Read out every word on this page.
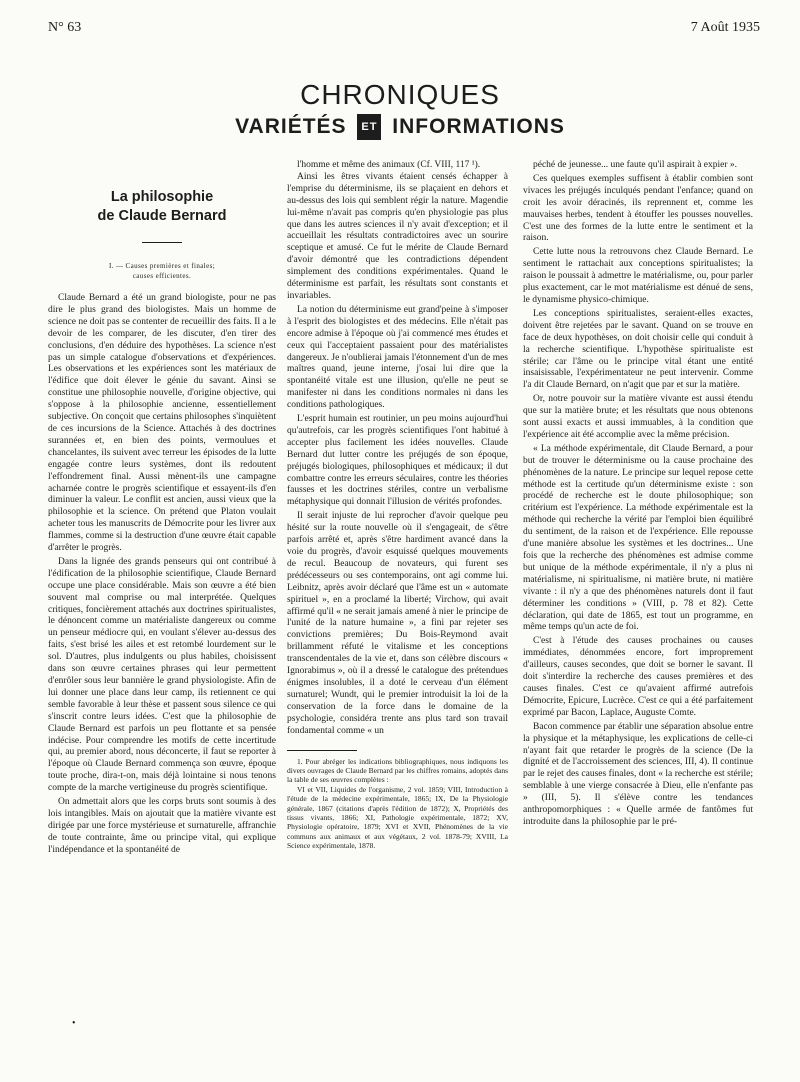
N° 63	7 Août 1935
CHRONIQUES
VARIÉTÉS ET INFORMATIONS
La philosophie
de Claude Bernard
I. — Causes premières et finales;
causes efficientes.

Claude Bernard a été un grand biologiste, pour ne pas dire le plus grand des biologistes. Mais un homme de science ne doit pas se contenter de recueillir des faits. Il a le devoir de les comparer, de les discuter, d'en tirer des conclusions, d'en déduire des hypothèses. La science n'est pas un simple catalogue d'observations et d'expériences. Les observations et les expériences sont les matériaux de l'édifice que doit élever le génie du savant. Ainsi se constitue une philosophie nouvelle, d'origine objective, qui s'oppose à la philosophie ancienne, essentiellement subjective. On conçoit que certains philosophes s'inquiètent de ces incursions de la Science. Attachés à des doctrines surannées et, en bien des points, vermoulues et chancelantes, ils suivent avec terreur les épisodes de la lutte engagée contre leurs systèmes, dont ils redoutent l'effondrement final. Aussi mènent-ils une campagne acharnée contre le progrès scientifique et essayent-ils d'en diminuer la valeur. Le conflit est ancien, aussi vieux que la philosophie et la science. On prétend que Platon voulait acheter tous les manuscrits de Démocrite pour les livrer aux flammes, comme si la destruction d'une œuvre était capable d'arrêter le progrès.

Dans la lignée des grands penseurs qui ont contribué à l'édification de la philosophie scientifique, Claude Bernard occupe une place considérable. Mais son œuvre a été bien souvent mal comprise ou mal interprétée. Quelques critiques, foncièrement attachés aux doctrines spiritualistes, le dénoncent comme un matérialiste dangereux ou comme un penseur médiocre qui, en voulant s'élever au-dessus des faits, s'est brisé les ailes et est retombé lourdement sur le sol. D'autres, plus indulgents ou plus habiles, choisissent dans son œuvre certaines phrases qui leur permettent d'enrôler sous leur bannière le grand physiologiste. Afin de lui donner une place dans leur camp, ils retiennent ce qui semble favorable à leur thèse et passent sous silence ce qui s'inscrit contre leurs idées. C'est que la philosophie de Claude Bernard est parfois un peu flottante et sa pensée indécise. Pour comprendre les motifs de cette incertitude qui, au premier abord, nous déconcerte, il faut se reporter à l'époque où Claude Bernard commença son œuvre, époque toute proche, dira-t-on, mais déjà lointaine si nous tenons compte de la marche vertigineuse du progrès scientifique.

On admettait alors que les corps bruts sont soumis à des lois intangibles. Mais on ajoutait que la matière vivante est dirigée par une force mystérieuse et surnaturelle, affranchie de toute contrainte, âme ou principe vital, qui explique l'indépendance et la spontanéité de

l'homme et même des animaux (Cf. VIII, 117 ¹).

Ainsi les êtres vivants étaient censés échapper à l'emprise du déterminisme, ils se plaçaient en dehors et au-dessus des lois qui semblent régir la nature. Magendie lui-même n'avait pas compris qu'en physiologie pas plus que dans les autres sciences il n'y avait d'exception; et il accueillait les résultats contradictoires avec un sourire sceptique et amusé. Ce fut le mérite de Claude Bernard d'avoir démontré que les contradictions dépendent simplement des conditions expérimentales. Quand le déterminisme est parfait, les résultats sont constants et invariables.

La notion du déterminisme eut grand'peine à s'imposer à l'esprit des biologistes et des médecins. Elle n'était pas encore admise à l'époque où j'ai commencé mes études et ceux qui l'acceptaient passaient pour des matérialistes dangereux. Je n'oublierai jamais l'étonnement d'un de mes maîtres quand, jeune interne, j'osai lui dire que la spontanéité vitale est une illusion, qu'elle ne peut se manifester ni dans les conditions normales ni dans les conditions pathologiques.

L'esprit humain est routinier, un peu moins aujourd'hui qu'autrefois, car les progrès scientifiques l'ont habitué à accepter plus facilement les idées nouvelles. Claude Bernard dut lutter contre les préjugés de son époque, préjugés biologiques, philosophiques et médicaux; il dut combattre contre les erreurs séculaires, contre les théories fausses et les doctrines stériles, contre un verbalisme métaphysique qui donnait l'illusion de vérités profondes.

Il serait injuste de lui reprocher d'avoir quelque peu hésité sur la route nouvelle où il s'engageait, de s'être parfois arrêté et, après s'être hardiment avancé dans la voie du progrès, d'avoir esquissé quelques mouvements de recul. Beaucoup de novateurs, qui furent ses prédécesseurs ou ses contemporains, ont agi comme lui. Leibnitz, après avoir déclaré que l'âme est un « automate spirituel », en a proclamé la liberté; Virchow, qui avait affirmé qu'il « ne serait jamais amené à nier le principe de l'unité de la nature humaine », a fini par rejeter ses convictions premières; Du Bois-Reymond avait brillamment réfuté le vitalisme et les conceptions transcendentales de la vie et, dans son célèbre discours « Ignorabimus », où il a dressé le catalogue des prétendues énigmes insolubles, il a doté le cerveau d'un élément surnaturel; Wundt, qui le premier introduisit la loi de la conservation de la force dans le domaine de la psychologie, considéra trente ans plus tard son travail fondamental comme « un

1. Pour abréger les indications bibliographiques, nous indiquons les divers ouvrages de Claude Bernard par les chiffres romains, adoptés dans la table de ses œuvres complètes :

VI et VII, Liquides de l'organisme, 2 vol. 1859; VIII, Introduction à l'étude de la médecine expérimentale, 1865; IX, De la Physiologie générale, 1867 (citations d'après l'édition de 1872); X, Propriétés des tissus vivants, 1866; XI, Pathologie expérimentale, 1872; XV, Physiologie opératoire, 1879; XVI et XVII, Phénomènes de la vie communs aux animaux et aux végétaux, 2 vol. 1878-79; XVIII, La Science expérimentale, 1878.

péché de jeunesse... une faute qu'il aspirait à expier ».

Ces quelques exemples suffisent à établir combien sont vivaces les préjugés inculqués pendant l'enfance; quand on croit les avoir déracinés, ils reprennent et, comme les mauvaises herbes, tendent à étouffer les pousses nouvelles. C'est une des formes de la lutte entre le sentiment et la raison.

Cette lutte nous la retrouvons chez Claude Bernard. Le sentiment le rattachait aux conceptions spiritualistes; la raison le poussait à admettre le matérialisme, ou, pour parler plus exactement, car le mot matérialisme est dénué de sens, le dynamisme physico-chimique.

Les conceptions spiritualistes, seraient-elles exactes, doivent être rejetées par le savant. Quand on se trouve en face de deux hypothèses, on doit choisir celle qui conduit à la recherche scientifique. L'hypothèse spiritualiste est stérile; car l'âme ou le principe vital étant une entité insaisissable, l'expérimentateur ne peut intervenir. Comme l'a dit Claude Bernard, on n'agit que par et sur la matière.

Or, notre pouvoir sur la matière vivante est aussi étendu que sur la matière brute; et les résultats que nous obtenons sont aussi exacts et aussi immuables, à la condition que l'expérience ait été accomplie avec la même précision.

« La méthode expérimentale, dit Claude Bernard, a pour but de trouver le déterminisme ou la cause prochaine des phénomènes de la nature. Le principe sur lequel repose cette méthode est la certitude qu'un déterminisme existe : son procédé de recherche est le doute philosophique; son critérium est l'expérience. La méthode expérimentale est la méthode qui recherche la vérité par l'emploi bien équilibré du sentiment, de la raison et de l'expérience. Elle repousse d'une manière absolue les systèmes et les doctrines... Une fois que la recherche des phénomènes est admise comme but unique de la méthode expérimentale, il n'y a plus ni matérialisme, ni spiritualisme, ni matière brute, ni matière vivante : il n'y a que des phénomènes naturels dont il faut déterminer les conditions » (VIII, p. 78 et 82). Cette déclaration, qui date de 1865, est tout un programme, en même temps qu'un acte de foi.

C'est à l'étude des causes prochaines ou causes immédiates, dénommées encore, fort improprement d'ailleurs, causes secondes, que doit se borner le savant. Il doit s'interdire la recherche des causes premières et des causes finales. C'est ce qu'avaient affirmé autrefois Démocrite, Epicure, Lucrèce. C'est ce qui a été parfaitement exprimé par Bacon, Laplace, Auguste Comte.

Bacon commence par établir une séparation absolue entre la physique et la métaphysique, les explications de celle-ci n'ayant fait que retarder le progrès de la science (De la dignité et de l'accroissement des sciences, III, 4). Il continue par le rejet des causes finales, dont « la recherche est stérile; semblable à une vierge consacrée à Dieu, elle n'enfante pas » (III, 5). Il s'élève contre les tendances anthropomorphiques : « Quelle armée de fantômes fut introduite dans la philosophie par le pré-

•
